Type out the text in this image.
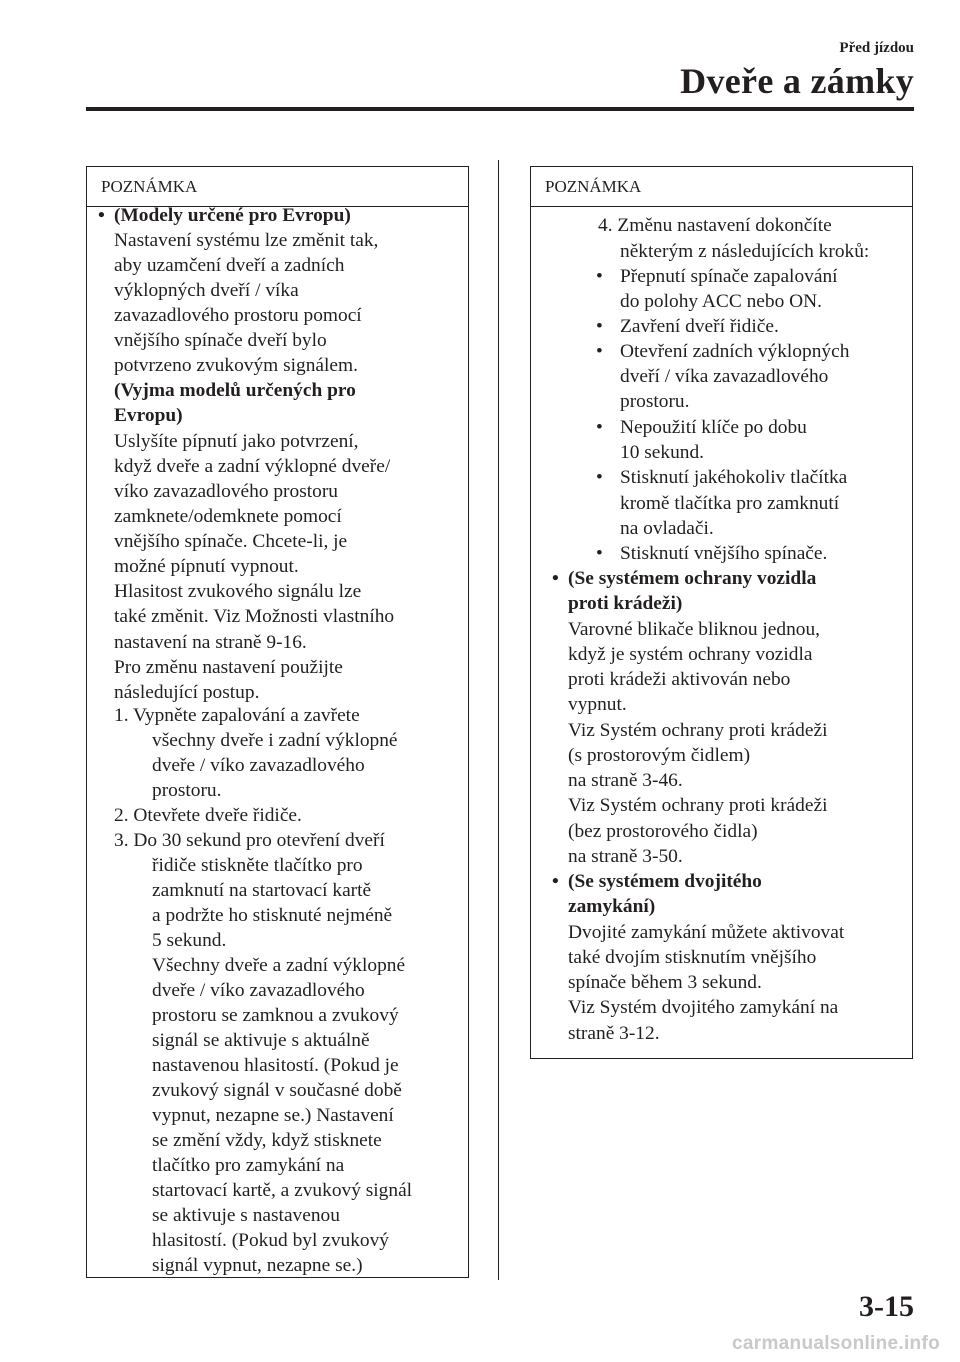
Před jízdou
Dveře a zámky
POZNÁMKA
(Modely určené pro Evropu)
•
Nastavení systému lze změnit tak,
aby uzamčení dveří a zadních
výklopných dveří / víka
zavazadlového prostoru pomocí
vnějšího spínače dveří bylo
potvrzeno zvukovým signálem.
(Vyjma modelů určených pro
Evropu)
Uslyšíte pípnutí jako potvrzení,
když dveře a zadní výklopné dveře/
víko zavazadlového prostoru
zamknete/odemknete pomocí
vnějšího spínače. Chcete-li, je
možné pípnutí vypnout.
Hlasitost zvukového signálu lze
také změnit. Viz Možnosti vlastního
nastavení na straně 9-16.
Pro změnu nastavení použijte
následující postup.
1. Vypněte zapalování a zavřete
všechny dveře i zadní výklopné
dveře / víko zavazadlového
prostoru.
2. Otevřete dveře řidiče.
3. Do 30 sekund pro otevření dveří
řidiče stiskněte tlačítko pro
zamknutí na startovací kartě
a podržte ho stisknuté nejméně
5 sekund.
Všechny dveře a zadní výklopné
dveře / víko zavazadlového
prostoru se zamknou a zvukový
signál se aktivuje s aktuálně
nastavenou hlasitostí. (Pokud je
zvukový signál v současné době
vypnut, nezapne se.) Nastavení
se změní vždy, když stisknete
tlačítko pro zamykání na
startovací kartě, a zvukový signál
se aktivuje s nastavenou
hlasitostí. (Pokud byl zvukový
signál vypnut, nezapne se.)
POZNÁMKA
4. Změnu nastavení dokončíte
některým z následujících kroků:
Přepnutí spínače zapalování
•
do polohy ACC nebo ON.
Zavření dveří řidiče.
•
Otevření zadních výklopných
•
dveří / víka zavazadlového
prostoru.
Nepoužití klíče po dobu
•
10 sekund.
Stisknutí jakéhokoliv tlačítka
•
kromě tlačítka pro zamknutí
na ovladači.
Stisknutí vnějšího spínače.
•
(Se systémem ochrany vozidla
•
proti krádeži)
Varovné blikače bliknou jednou,
když je systém ochrany vozidla
proti krádeži aktivován nebo
vypnut.
Viz Systém ochrany proti krádeži
(s prostorovým čidlem)
na straně 3-46.
Viz Systém ochrany proti krádeži
(bez prostorového čidla)
na straně 3-50.
(Se systémem dvojitého
•
zamykání)
Dvojité zamykání můžete aktivovat
také dvojím stisknutím vnějšího
spínače během 3 sekund.
Viz Systém dvojitého zamykání na
straně 3-12.
3-15
carmanualsonline.info
